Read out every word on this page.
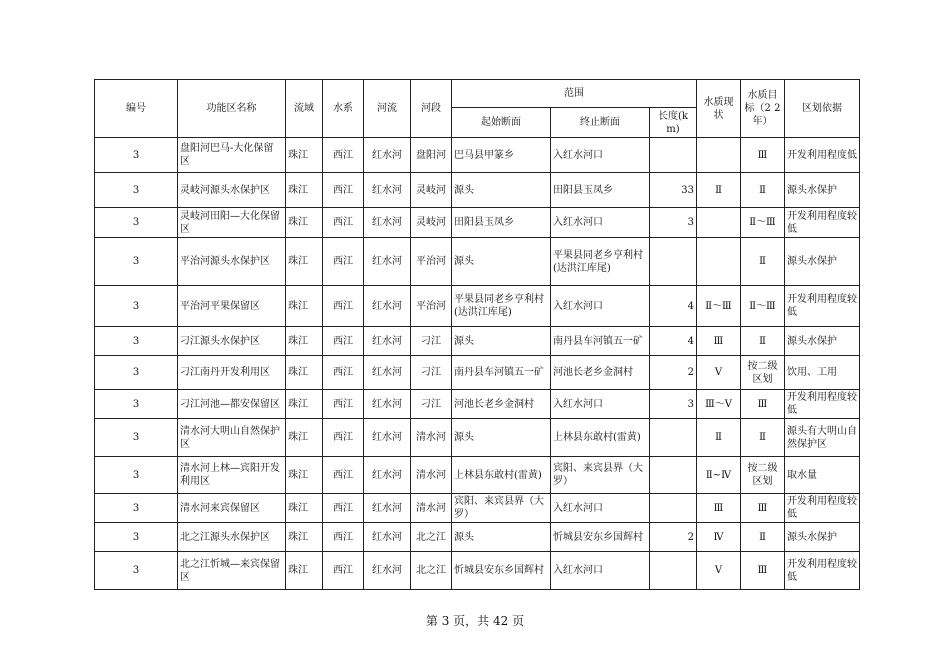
编号	功能区名称	流域	水系	河流	河段	范围			水质现状	水质目标（2 2年）	区划依据
						起始断面	终止断面	长度(km)			
3	盘阳河巴马-大化保留区	珠江	西江	红水河	盘阳河	巴马县甲篆乡	入红水河口			Ⅲ	开发利用程度低
3	灵岐河源头水保护区	珠江	西江	红水河	灵岐河	源头	田阳县玉凤乡	33	Ⅱ	Ⅱ	源头水保护
3	灵岐河田阳—大化保留区	珠江	西江	红水河	灵岐河	田阳县玉凤乡	入红水河口	3		Ⅱ～Ⅲ	开发利用程度较低
3	平治河源头水保护区	珠江	西江	红水河	平治河	源头	平果县同老乡亨利村(达洪江库尾)			Ⅱ	源头水保护
3	平治河平果保留区	珠江	西江	红水河	平治河	平果县同老乡亨利村(达洪江库尾)	入红水河口	4	Ⅱ～Ⅲ	Ⅱ～Ⅲ	开发利用程度较低
3	刁江源头水保护区	珠江	西江	红水河	刁江	源头	南丹县车河镇五一矿	4	Ⅲ	Ⅱ	源头水保护
3	刁江南丹开发利用区	珠江	西江	红水河	刁江	南丹县车河镇五一矿	河池长老乡金洞村	2	Ⅴ	按二级区划	饮用、工用
3	刁江河池—都安保留区	珠江	西江	红水河	刁江	河池长老乡金洞村	入红水河口	3	Ⅲ～Ⅴ	Ⅲ	开发利用程度较低
3	清水河大明山自然保护区	珠江	西江	红水河	清水河	源头	上林县东敢村(雷黄)		Ⅱ	Ⅱ	源头有大明山自然保护区
3	清水河上林—宾阳开发利用区	珠江	西江	红水河	清水河	上林县东敢村(雷黄)	宾阳、来宾县界（大罗）		Ⅱ~Ⅳ	按二级区划	取水量
3	清水河来宾保留区	珠江	西江	红水河	清水河	宾阳、来宾县界（大罗）	入红水河口		Ⅲ	Ⅲ	开发利用程度较低
3	北之江源头水保护区	珠江	西江	红水河	北之江	源头	忻城县安东乡国辉村	2	Ⅳ	Ⅱ	源头水保护
3	北之江忻城—来宾保留区	珠江	西江	红水河	北之江	忻城县安东乡国辉村	入红水河口		Ⅴ	Ⅲ	开发利用程度较低
第 3 页，共 42 页
